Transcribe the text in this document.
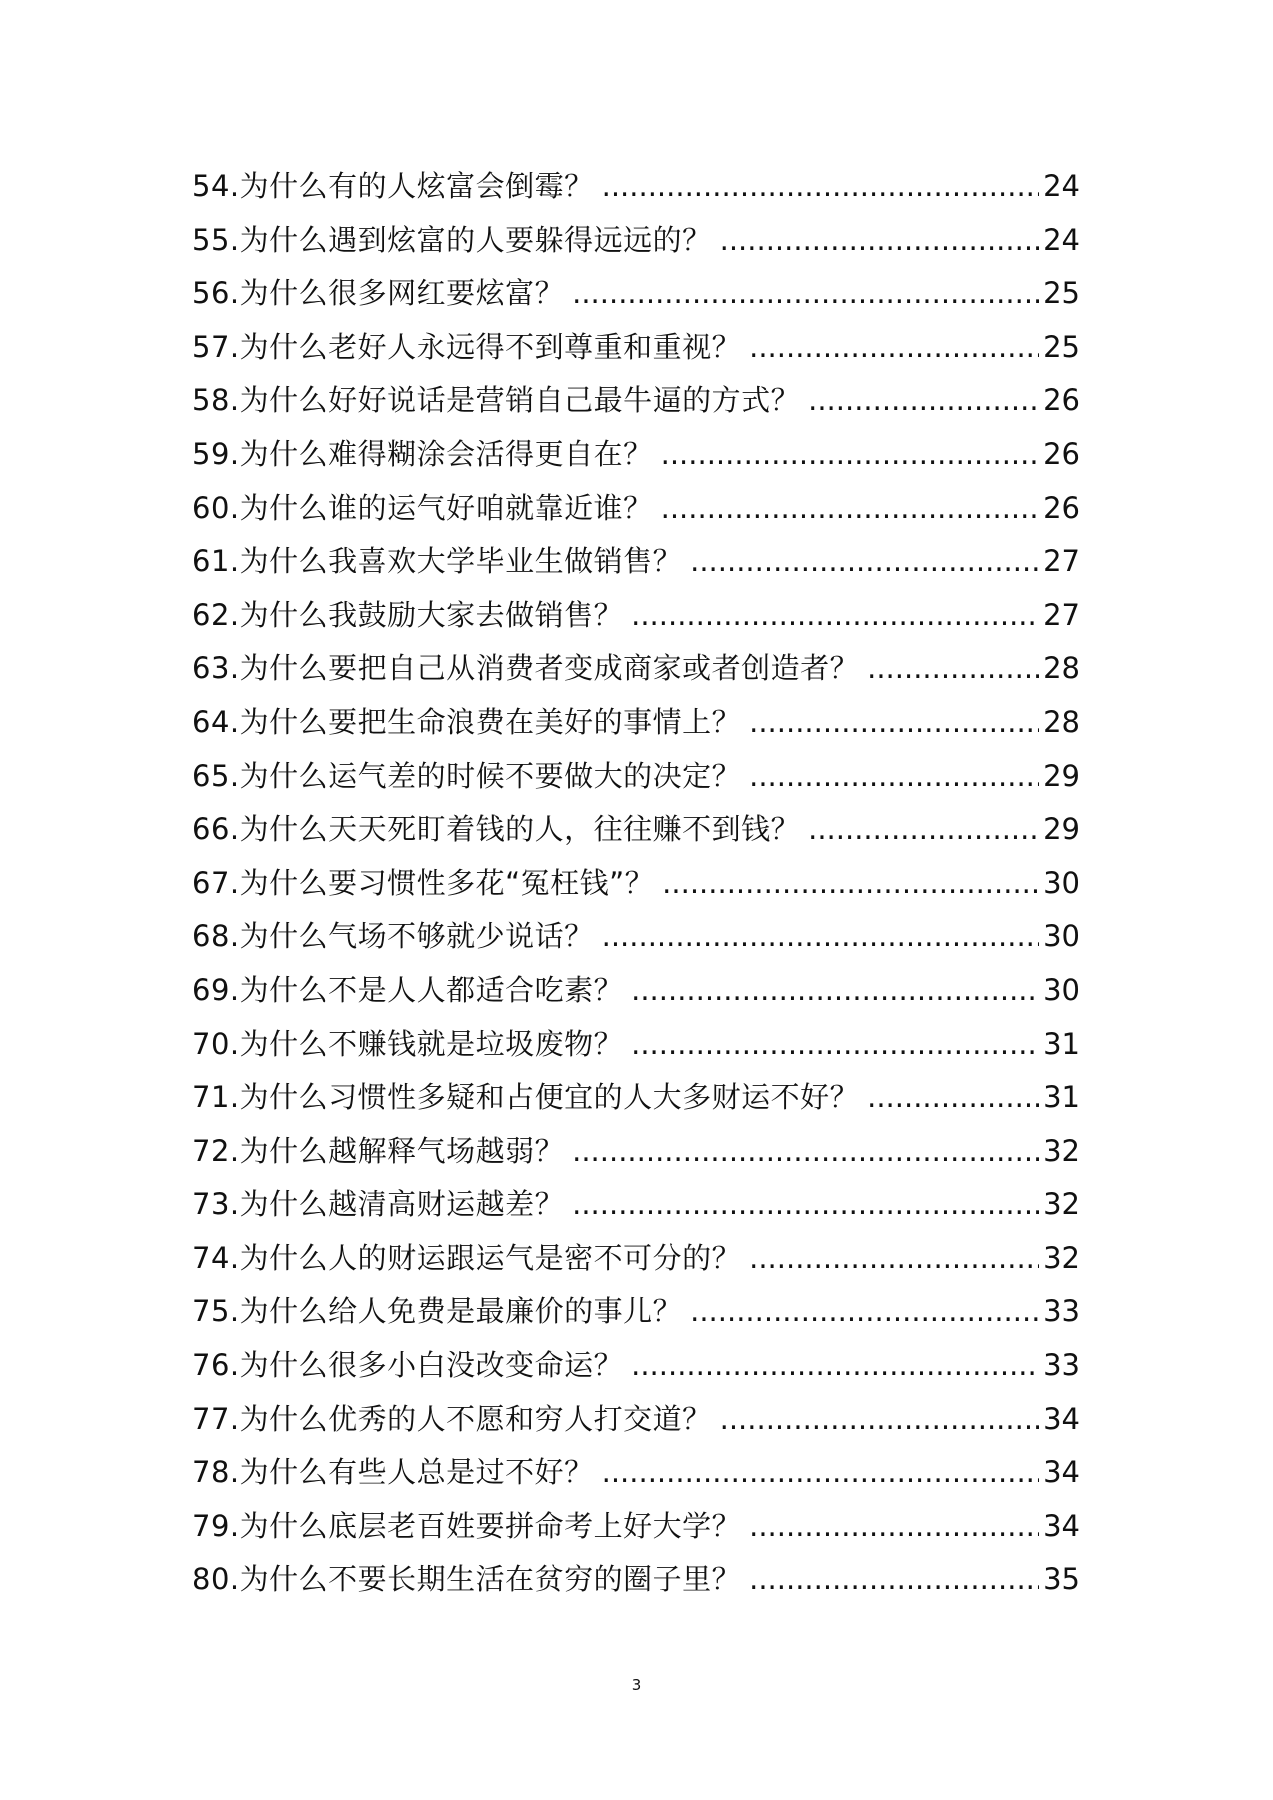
54.为什么有的人炫富会倒霉？ .....	24
55.为什么遇到炫富的人要躲得远远的？ .....	24
56.为什么很多网红要炫富？ .....	25
57.为什么老好人永远得不到尊重和重视？ .....	25
58.为什么好好说话是营销自己最牛逼的方式？ .....	26
59.为什么难得糊涂会活得更自在？ .....	26
60.为什么谁的运气好咱就靠近谁？ .....	26
61.为什么我喜欢大学毕业生做销售？ .....	27
62.为什么我鼓励大家去做销售？ .....	27
63.为什么要把自己从消费者变成商家或者创造者？ .....	28
64.为什么要把生命浪费在美好的事情上？ .....	28
65.为什么运气差的时候不要做大的决定？ .....	29
66.为什么天天死盯着钱的人，往往赚不到钱？ .....	29
67.为什么要习惯性多花“冤枉钱”？ .....	30
68.为什么气场不够就少说话？ .....	30
69.为什么不是人人都适合吃素？ .....	30
70.为什么不赚钱就是垃圾废物？ .....	31
71.为什么习惯性多疑和占便宜的人大多财运不好？ .....	31
72.为什么越解释气场越弱？ .....	32
73.为什么越清高财运越差？ .....	32
74.为什么人的财运跟运气是密不可分的？ .....	32
75.为什么给人免费是最廉价的事儿？ .....	33
76.为什么很多小白没改变命运？ .....	33
77.为什么优秀的人不愿和穷人打交道？ .....	34
78.为什么有些人总是过不好？ .....	34
79.为什么底层老百姓要拼命考上好大学？ .....	34
80.为什么不要长期生活在贫穷的圈子里？ .....	35
3
